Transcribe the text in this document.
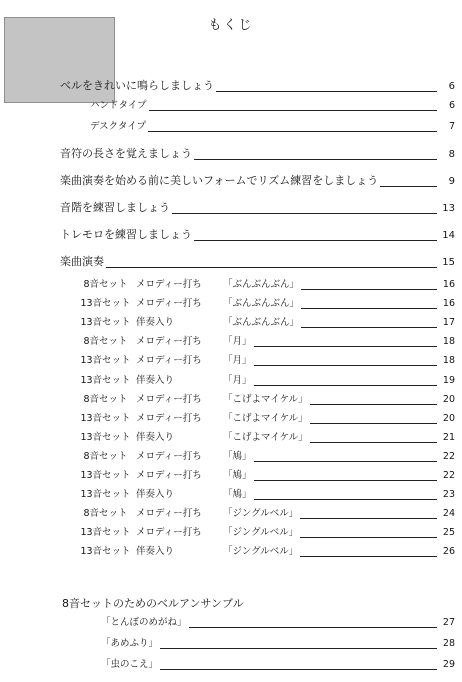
もくじ
ベルをきれいに鳴らしましょう	6
ハンドタイプ	6
デスクタイプ	7
音符の長さを覚えましょう	8
楽曲演奏を始める前に美しいフォームでリズム練習をしましょう	9
音階を練習しましょう	13
トレモロを練習しましょう	14
楽曲演奏	15
8音セット メロディー打ち	「ぶんぶんぶん」	16
13音セット メロディー打ち	「ぶんぶんぶん」	16
13音セット 伴奏入り	「ぶんぶんぶん」	17
8音セット メロディー打ち	「月」	18
13音セット メロディー打ち	「月」	18
13音セット 伴奏入り	「月」	19
8音セット メロディー打ち	「こげよマイケル」	20
13音セット メロディー打ち	「こげよマイケル」	20
13音セット 伴奏入り	「こげよマイケル」	21
8音セット メロディー打ち	「鳩」	22
13音セット メロディー打ち	「鳩」	22
13音セット 伴奏入り	「鳩」	23
8音セット メロディー打ち	「ジングルベル」	24
13音セット メロディー打ち	「ジングルベル」	25
13音セット 伴奏入り	「ジングルベル」	26
8音セットのためのベルアンサンブル
「とんぼのめがね」	27
「あめふり」	28
「虫のこえ」	29
